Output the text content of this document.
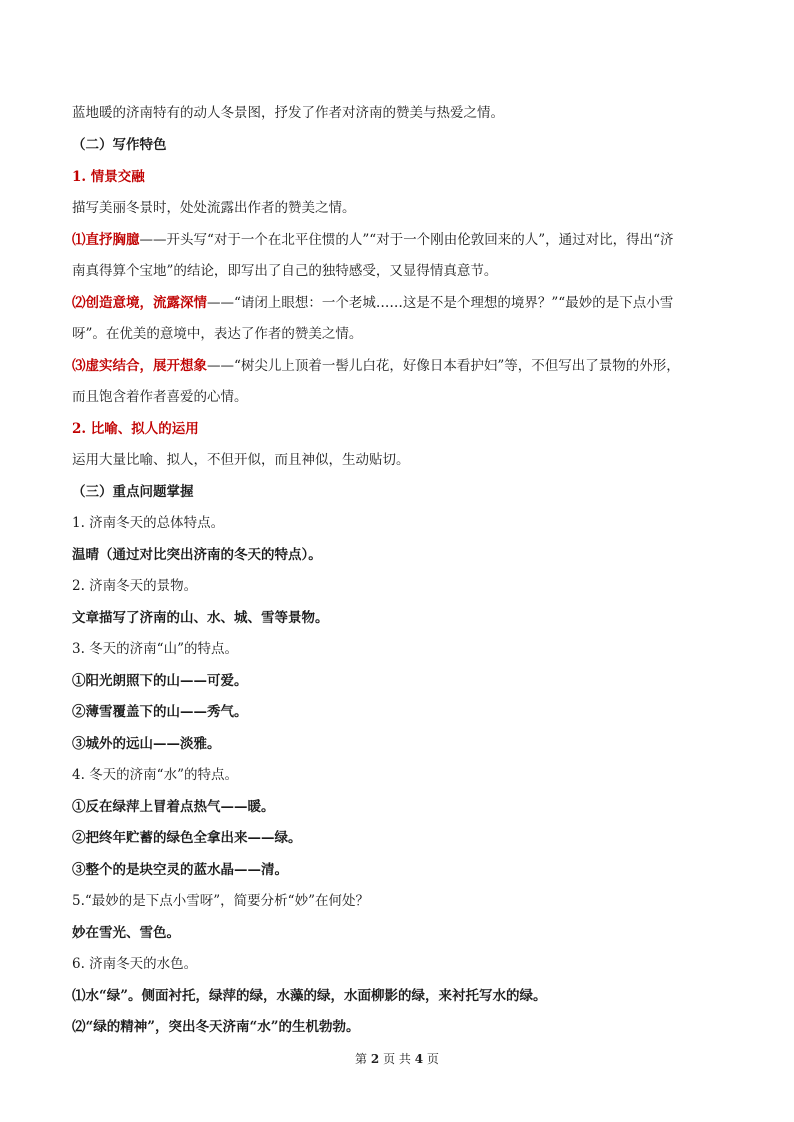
蓝地暖的济南特有的动人冬景图，抒发了作者对济南的赞美与热爱之情。
（二）写作特色
1. 情景交融
描写美丽冬景时，处处流露出作者的赞美之情。
⑴直抒胸臆——开头写“对于一个在北平住惯的人”“对于一个刚由伦敦回来的人”，通过对比，得出“济
南真得算个宝地”的结论，即写出了自己的独特感受，又显得情真意节。
⑵创造意境，流露深情——“请闭上眼想：一个老城……这是不是个理想的境界？”“最妙的是下点小雪
呀”。在优美的意境中，表达了作者的赞美之情。
⑶虚实结合，展开想象——“树尖儿上顶着一髻儿白花，好像日本看护妇”等，不但写出了景物的外形，
而且饱含着作者喜爱的心情。
2. 比喻、拟人的运用
运用大量比喻、拟人，不但开似，而且神似，生动贴切。
（三）重点问题掌握
1. 济南冬天的总体特点。
温晴（通过对比突出济南的冬天的特点）。
2. 济南冬天的景物。
文章描写了济南的山、水、城、雪等景物。
3. 冬天的济南“山”的特点。
①阳光朗照下的山——可爱。
②薄雪覆盖下的山——秀气。
③城外的远山——淡雅。
4. 冬天的济南“水”的特点。
①反在绿萍上冒着点热气——暖。
②把终年贮蓄的绿色全拿出来——绿。
③整个的是块空灵的蓝水晶——清。
5.“最妙的是下点小雪呀”，简要分析“妙”在何处？
妙在雪光、雪色。
6. 济南冬天的水色。
⑴水“绿”。侧面衬托，绿萍的绿，水藻的绿，水面柳影的绿，来衬托写水的绿。
⑵“绿的精神”，突出冬天济南“水”的生机勃勃。
第 2 页 共 4 页
